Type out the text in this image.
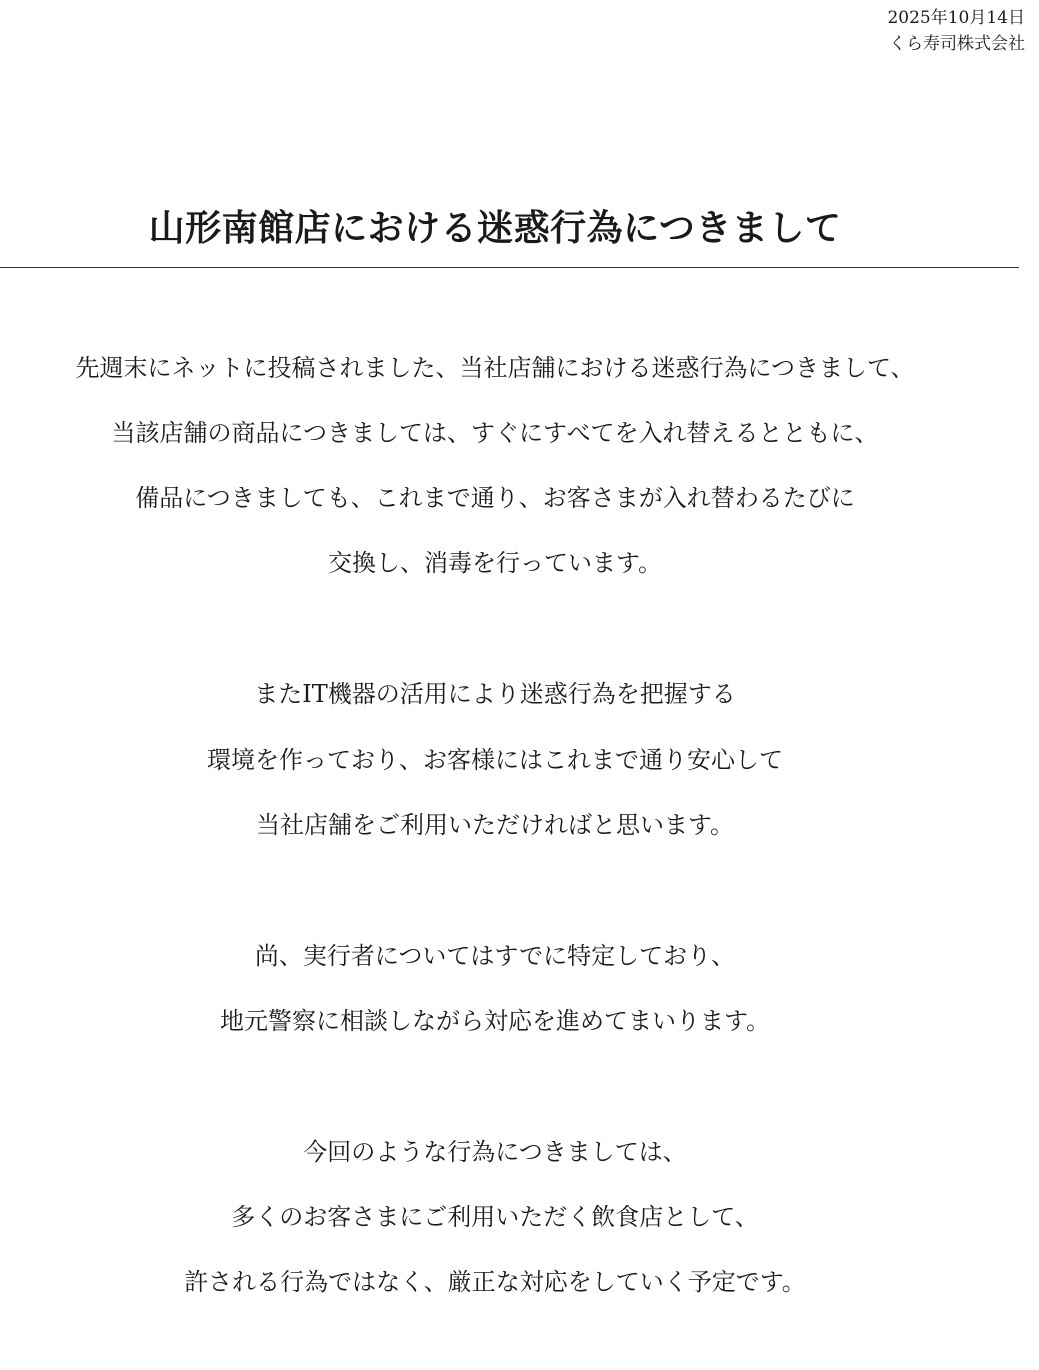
2025年10月14日
くら寿司株式会社
山形南館店における迷惑行為につきまして
先週末にネットに投稿されました、当社店舗における迷惑行為につきまして、
当該店舗の商品につきましては、すぐにすべてを入れ替えるとともに、
備品につきましても、これまで通り、お客さまが入れ替わるたびに
交換し、消毒を行っています。
またIT機器の活用により迷惑行為を把握する
環境を作っており、お客様にはこれまで通り安心して
当社店舗をご利用いただければと思います。
尚、実行者についてはすでに特定しており、
地元警察に相談しながら対応を進めてまいります。
今回のような行為につきましては、
多くのお客さまにご利用いただく飲食店として、
許される行為ではなく、厳正な対応をしていく予定です。
